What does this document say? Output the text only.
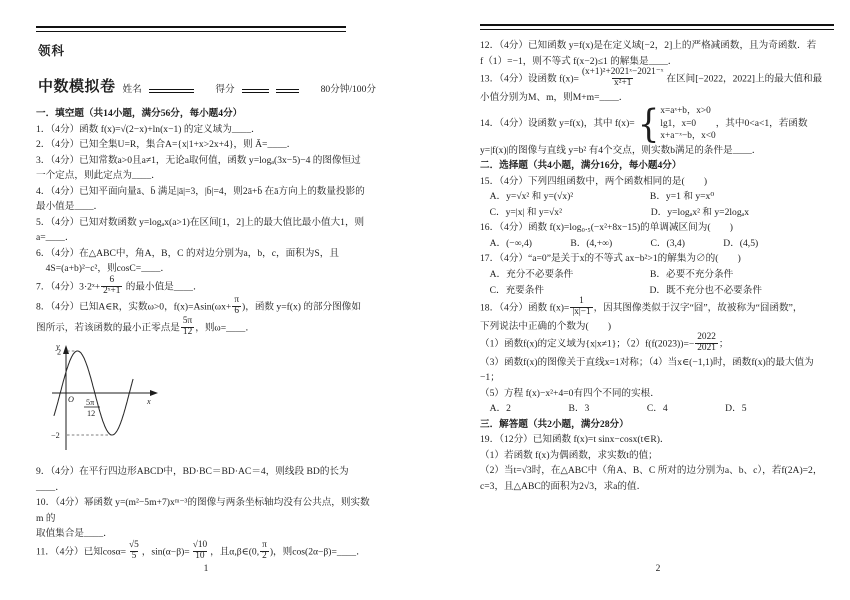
领科
中数模拟卷 姓名	得分	80分钟/100分
一．填空题（共14小题，满分56分，每小题4分）
1．（4分）函数 f(x)=√(2−x)+ln(x−1) 的定义域为____．
2．（4分）已知全集U=R，集合A={x|1+x>2x+4}，则 Ā=____．
3．（4分）已知常数a>0且a≠1，无论a取何值，函数 y=logₐ(3x−5)−4 的图像恒过
一个定点，则此定点为____．
4．（4分）已知平面向量ā、b̄ 满足|ā|=3，|b̄|=4，则2ā+b̄ 在ā方向上的数量投影的
最小值是____．
5．（4分）已知对数函数 y=logₐx(a>1)在区间[1，2]上的最大值比最小值大1，则
a=____．
6．（4分）在△ABC中，角A，B，C 的对边分别为a，b，c，面积为S，且
　4S=(a+b)²−c²，则cosC=____．
7．（4分）3·2ˣ+ $\frac{6}{\text{2ˣ+1}}$ 的最小值是____．
8．（4分）已知A∈R，实数ω>0，$f(x)=Asin(\omega x+ \frac{\pi}{6}$ )，函数 y=f(x) 的部分图像如
图所示，若该函数的最小正零点是 $\frac{5\pi}{12}$ ，则ω=____．
y
2
−2
O	x
5π
12
9．（4分）在平行四边形ABCD中，BD·BC＝BD·AC＝4，则线段 BD的长为____．
10．（4分）幂函数 y=(m²−5m+7)xᵐ⁻³的图像与两条坐标轴均没有公共点，则实数m 的
取值集合是____．
11．（4分）已知$\cos\alpha= \frac{√5}{5}$ ，$\sin(\alpha-\beta)= \frac{√10}{10}$ ，且α,β∈(0, $\frac{\pi}{2}$ )，则cos(2α−β)=____．
1
12．（4分）已知函数 y=f(x)是在定义域[−2，2]上的严格减函数，且为奇函数．若
f（1）=−1，则不等式 f(x−2)≤1 的解集是____．
13．（4分）设函数 $f(x)= \frac{\text{(x+1)²+2021ˣ−2021⁻ˣ}}{\text{x²+1}}$ 在区间[−2022，2022]上的最大值和最
小值分别为M、m，则M+m=____．
14．（4分）设函数 y=f(x)，其中 f(x)= { x=aˣ+b，x>0
lg1，x=0
x+a⁻ˣ−b，x<0
，其中0<a<1，若函数
y=|f(x)|的图像与直线 y=b² 有4个交点，则实数b满足的条件是____．
二．选择题（共4小题，满分16分，每小题4分）
15．（4分）下列四组函数中，两个函数相同的是(　　)
　A．y=√x² 和 y=(√x)²　　　　　　　　B．y=1 和 y=x⁰
　C．y=|x| 和 y=√x²　　　　　　　　　 D．y=logₐx² 和 y=2logₐx
16．（4分）函数 f(x)=log₀.₅(−x²+8x−15)的单调减区间为(　　)
　A．(−∞,4)　　　　B．(4,+∞)　　　　C．(3,4)　　　　D．(4,5)
17．（4分）“a=0”是关于x的不等式 ax−b²>1的解集为∅的(　　)
　A．充分不必要条件　　　　　　　　B．必要不充分条件
　C．充要条件　　　　　　　　　　　D．既不充分也不必要条件
18．（4分）函数 $f(x)= \frac{1}{|x|-1}$ ，因其图像类似于汉字“囧”，故被称为“囧函数”，
下列说法中正确的个数为(　　)
（1）函数f(x)的定义域为{x|x≠1}；$(2)f(f(2023))=- \frac{2022}{2021}$ ；
（3）函数f(x)的图像关于直线x=1对称；（4）当x∈(−1,1)时，函数f(x)的最大值为
−1；
（5）方程 f(x)−x²+4=0有四个不同的实根．
　A．2　　　　　　B．3　　　　　　C．4　　　　　　D．5
三．解答题（共2小题，满分28分）
19．（12分）已知函数 f(x)=t sinx−cosx(t∈R)．
（1）若函数 f(x)为偶函数，求实数t的值；
（2）当t=√3时，在△ABC中（角A、B、C 所对的边分别为a、b、c），若f(2A)=2，
c=3，且△ABC的面积为2√3，求a的值．
2
